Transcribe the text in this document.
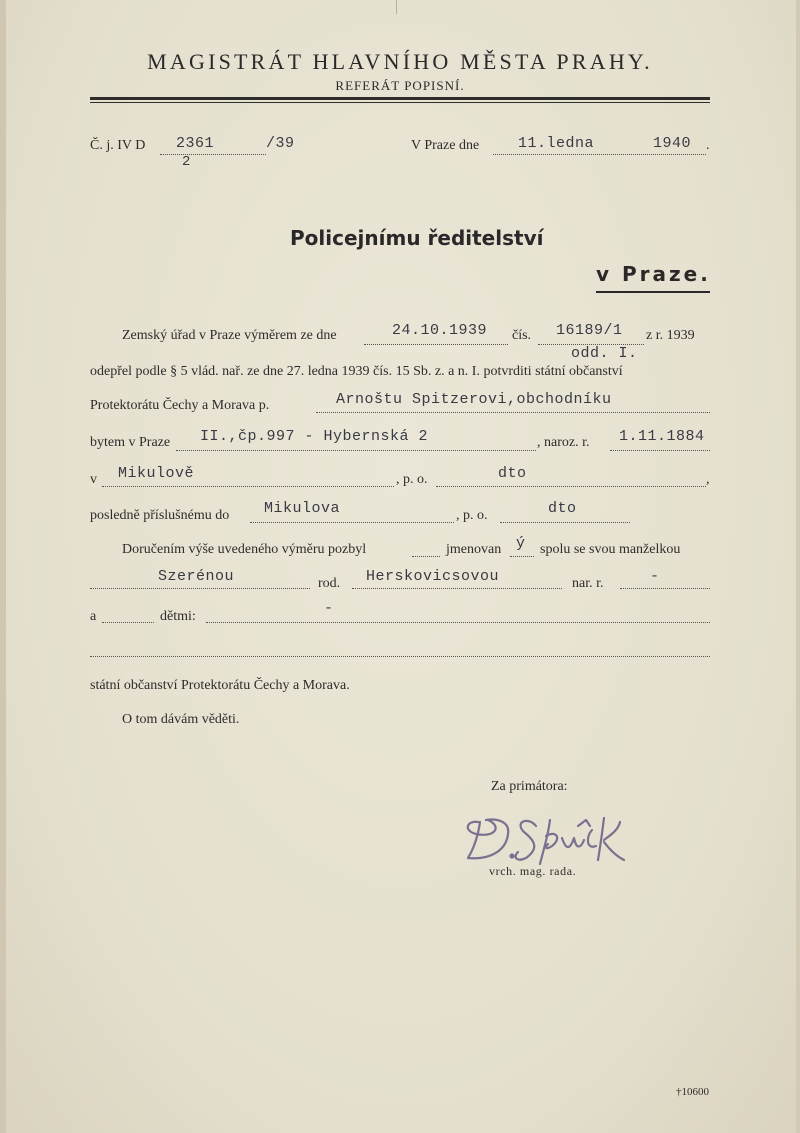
MAGISTRÁT HLAVNÍHO MĚSTA PRAHY.
REFERÁT POPISNÍ.
Č. j. IV D 2361
2
/39	V Praze dne	11.ledna	1940 .
Policejnímu ředitelství
v Praze.
Zemský úřad v Praze výměrem ze dne	24.10.1939 čís. 16189/1 z r. 1939
odd. I.
odepřel podle § 5 vlád. nař. ze dne 27. ledna 1939 čís. 15 Sb. z. a n. I. potvrditi státní občanství
Protektorátu Čechy a Morava p.	Arnoštu Spitzerovi,obchodníku
bytem v Praze II.,čp.997 - Hybernská 2	, naroz. r. 1.11.1884
v Mikulově	, p. o.	dto	,
posledně příslušnému do Mikulova	, p. o.	dto
Doručením výše uvedeného výměru pozbyl	jmenovan ý spolu se svou manželkou
Szerénou	rod. Herskovicsovou	nar. r.	-
a	dětmi:	-
státní občanství Protektorátu Čechy a Morava.
O tom dávám věděti.
Za primátora:
vrch. mag. rada.
†10600
